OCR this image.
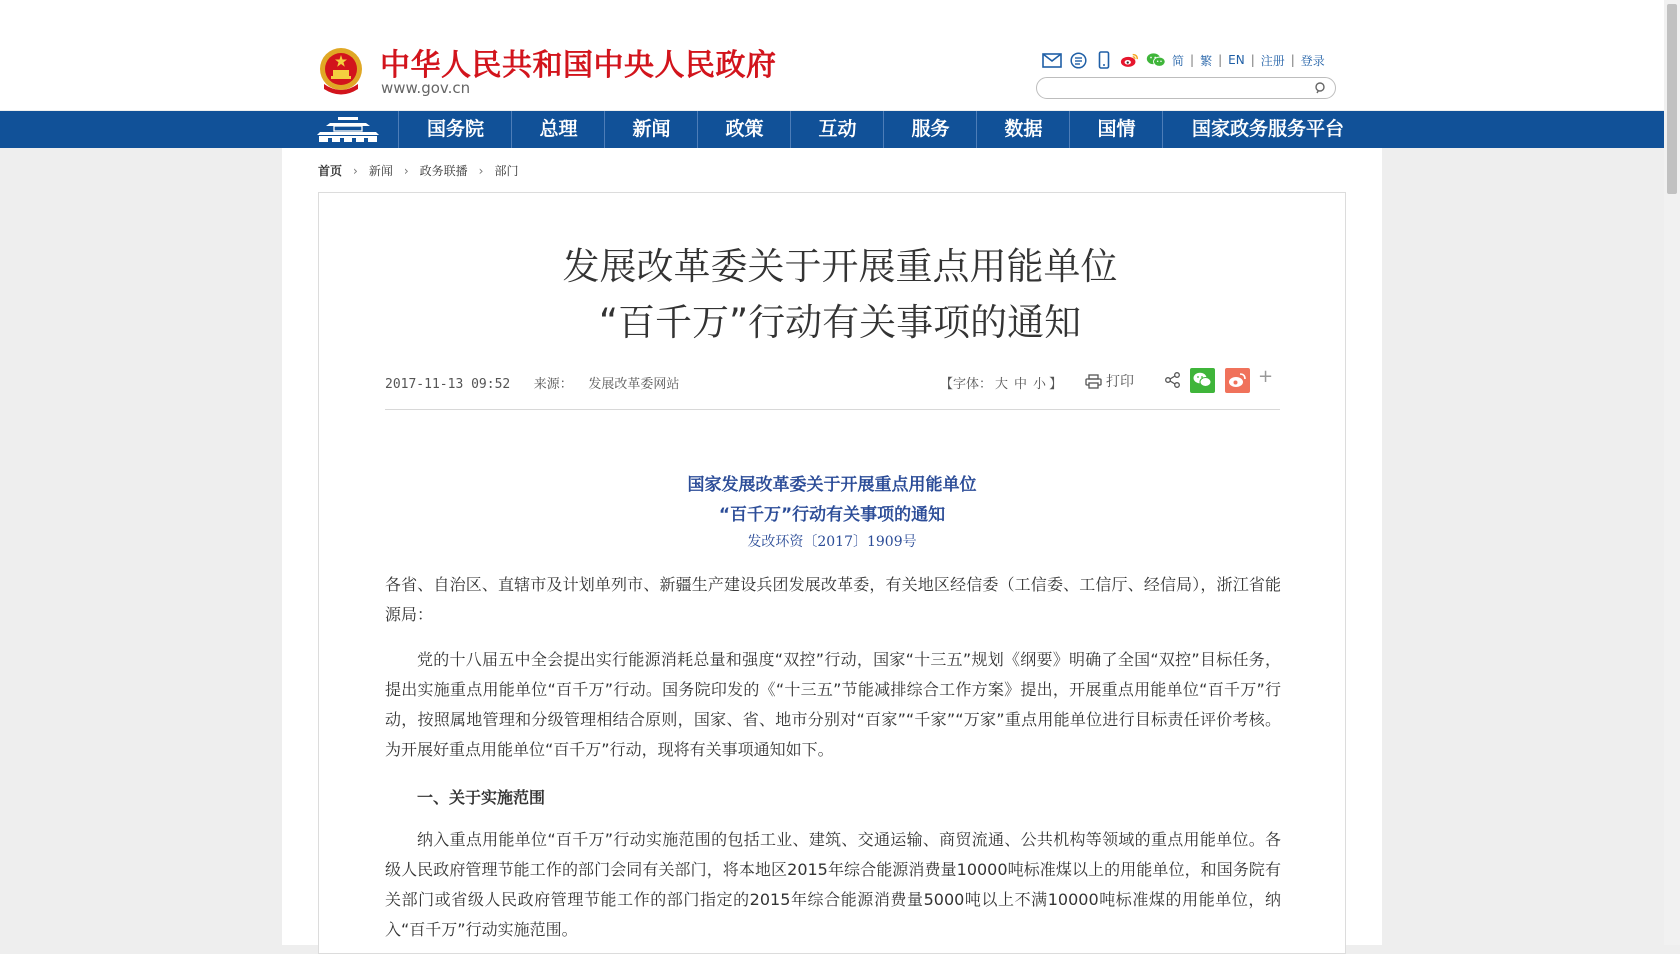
中华人民共和国中央人民政府
www.gov.cn
简 | 繁 | EN | 注册 | 登录
国务院	总理	新闻	政策	互动	服务	数据	国情	国家政务服务平台
首页 › 新闻 › 政务联播 › 部门
发展改革委关于开展重点用能单位
“百千万”行动有关事项的通知
2017-11-13 09:52 来源： 发展改革委网站	【字体： 大 中 小 】	打印	+
国家发展改革委关于开展重点用能单位
“百千万”行动有关事项的通知
发改环资〔2017〕1909号

各省、自治区、直辖市及计划单列市、新疆生产建设兵团发展改革委，有关地区经信委（工信委、工信厅、经信局），浙江省能源局：

党的十八届五中全会提出实行能源消耗总量和强度“双控”行动，国家“十三五”规划《纲要》明确了全国“双控”目标任务，提出实施重点用能单位“百千万”行动。国务院印发的《“十三五”节能减排综合工作方案》提出，开展重点用能单位“百千万”行动，按照属地管理和分级管理相结合原则，国家、省、地市分别对“百家”“千家”“万家”重点用能单位进行目标责任评价考核。为开展好重点用能单位“百千万”行动，现将有关事项通知如下。

一、关于实施范围

纳入重点用能单位“百千万”行动实施范围的包括工业、建筑、交通运输、商贸流通、公共机构等领域的重点用能单位。各级人民政府管理节能工作的部门会同有关部门，将本地区2015年综合能源消费量10000吨标准煤以上的用能单位，和国务院有关部门或省级人民政府管理节能工作的部门指定的2015年综合能源消费量5000吨以上不满10000吨标准煤的用能单位，纳入“百千万”行动实施范围。
